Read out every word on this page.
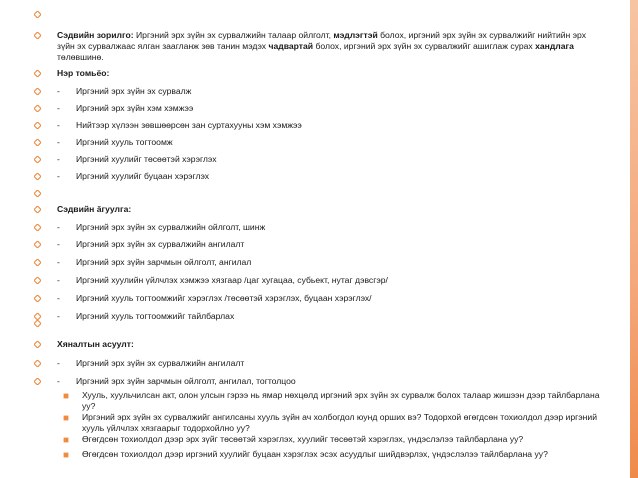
Сэдвийн зорилго: Иргэний эрх зүйн эх сурвалжийн талаар ойлголт, мэдлэгтэй болох, иргэний эрх зүйн эх сурвалжийг нийтийн эрх зүйн эх сурвалжаас ялган заагланж зөв танин мэдэх чадвартай болох, иргэний эрх зүйн эх сурвалжийг ашиглаж сурах хандлага төлөвшинө.
Нэр томьёо:
- Иргэний эрх зүйн эх сурвалж
- Иргэний эрх зүйн хэм хэмжээ
- Нийтээр хүлээн зөвшөөрсөн зан суртахууны хэм хэмжээ
- Иргэний хууль тогтоомж
- Иргэний хуулийг тѳсѳѳтэй хэрэглэх
- Иргэний хуулийг буцаан хэрэглэх
Сэдвийн ăгуулга:
- Иргэний эрх зүйн эх сурвалжийн ойлголт, шинж
- Иргэний эрх зүйн эх сурвалжийн ангилалт
- Иргэний эрх зүйн зарчмын ойлголт, ангилал
- Иргэний хуулийн үйлчлэх хэмжээ хязгаар /цаг хугацаа, субьект, нутаг дэвсгэр/
- Иргэний хууль тогтоомжийг хэрэглэх /тѳсѳѳтэй хэрэглэх, буцаан хэрэглэх/
- Иргэний хууль тогтоомжийг тайлбарлах
Хяналтын асуулт:
- Иргэний эрх зүйн эх сурвалжийн ангилалт
- Иргэний эрх зүйн зарчмын ойлголт, ангилал, тогтолцоо
Хууль, хуульчилсан акт, олон улсын гэрээ нь ямар нөхцөлд иргэний эрх зүйн эх сурвалж болох талаар жишээн дээр тайлбарлана уу?
Иргэний эрх зүйн эх сурвалжийг ангилсаны хууль зүйн ач холбогдол юунд орших вэ? Тодорхой өгөгдсөн тохиолдол дээр иргэний хууль үйлчлэх хязгаарыг тодорхойлно уу?
Өгөгдсөн тохиолдол дээр эрх зүйг тѳсѳѳтэй хэрэглэх, хуулийг тѳсѳѳтэй хэрэглэх, үндэслэлээ тайлбарлана уу?
Өгөгдсөн тохиолдол дээр иргэний хуулийг буцаан хэрэглэх эсэх асуудлыг шийдвэрлэх, үндэслэлээ тайлбарлана уу?
